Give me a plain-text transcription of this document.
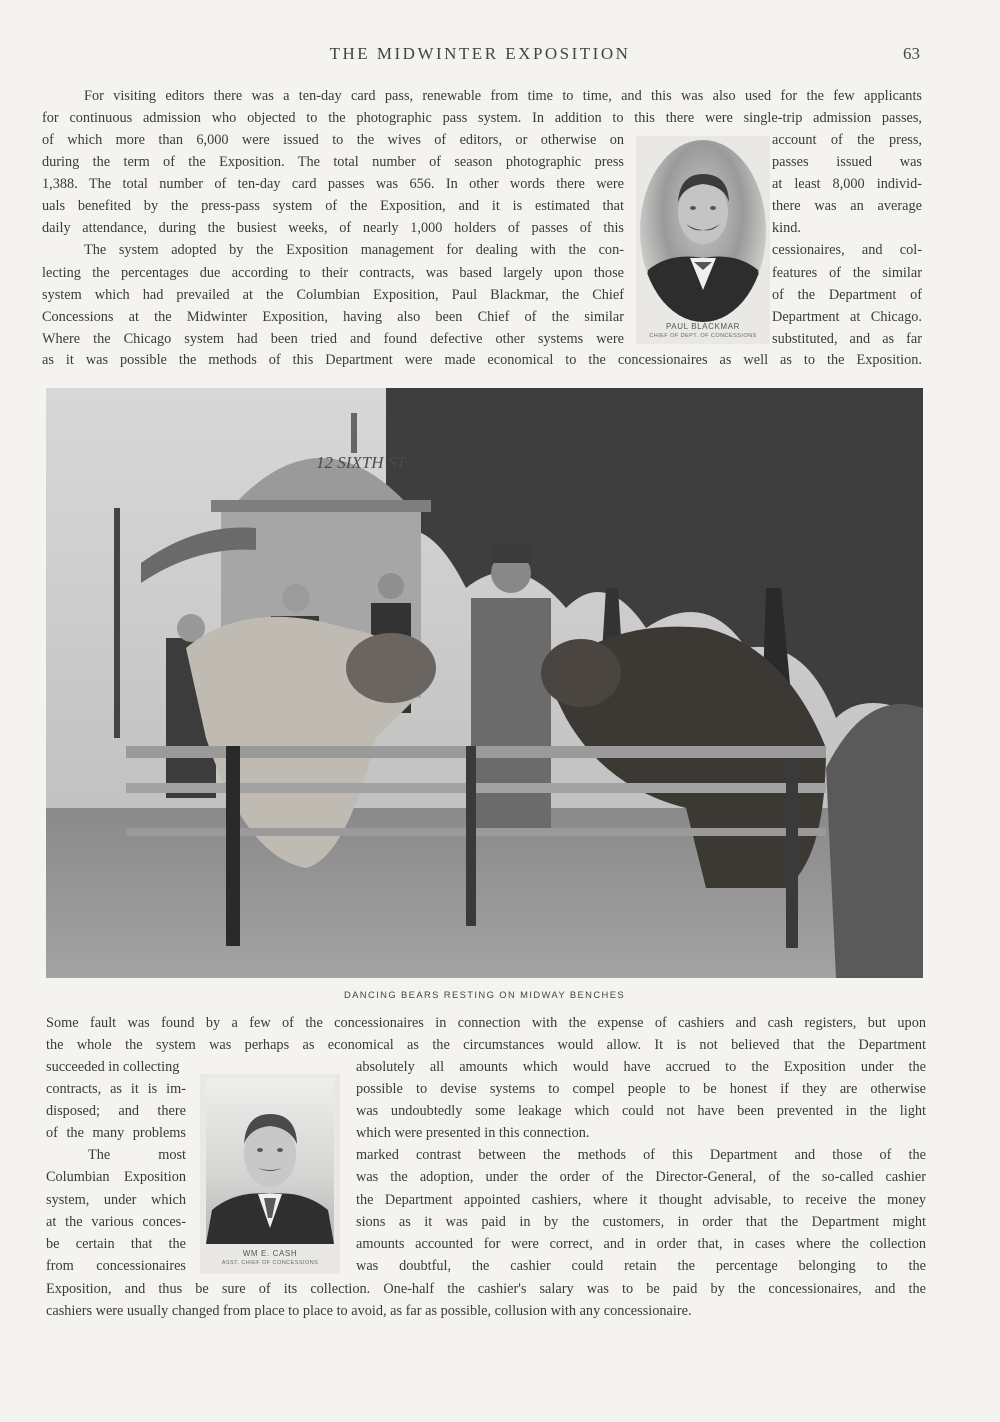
THE MIDWINTER EXPOSITION	63

For visiting editors there was a ten-day card pass, renewable from time to time, and this was also used for the few applicants

for continuous admission who objected to the photographic pass system. In addition to this there were single-trip admission passes,

of which more than 6,000 were issued to the wives of editors, or otherwise on

during the term of the Exposition. The total number of season photographic press

1,388. The total number of ten-day card passes was 656. In other words there were

uals benefited by the press-pass system of the Exposition, and it is estimated that

daily attendance, during the busiest weeks, of nearly 1,000 holders of passes of this

The system adopted by the Exposition management for dealing with the con-

lecting the percentages due according to their contracts, was based largely upon those

system which had prevailed at the Columbian Exposition, Paul Blackmar, the Chief

Concessions at the Midwinter Exposition, having also been Chief of the similar

Where the Chicago system had been tried and found defective other systems were

account of the press,

passes issued was

at least 8,000 individ-

there was an average

kind.

cessionaires, and col-

features of the similar

of the Department of

Department at Chicago.

substituted, and as far

as it was possible the methods of this Department were made economical to the concessionaires as well as to the Exposition.

PAUL BLACKMAR
CHIEF OF DEPT. OF CONCESSIONS
12 SIXTH ST
DANCING BEARS RESTING ON MIDWAY BENCHES

Some fault was found by a few of the concessionaires in connection with the expense of cashiers and cash registers, but upon

the whole the system was perhaps as economical as the circumstances would allow. It is not believed that the Department

succeeded in collecting

contracts, as it is im-

disposed; and there

of the many problems

The most

Columbian Exposition

system, under which

at the various conces-

be certain that the

from concessionaires

absolutely all amounts which would have accrued to the Exposition under the

possible to devise systems to compel people to be honest if they are otherwise

was undoubtedly some leakage which could not have been prevented in the light

which were presented in this connection.

marked contrast between the methods of this Department and those of the

was the adoption, under the order of the Director-General, of the so-called cashier

the Department appointed cashiers, where it thought advisable, to receive the money

sions as it was paid in by the customers, in order that the Department might

amounts accounted for were correct, and in order that, in cases where the collection

was doubtful, the cashier could retain the percentage belonging to the

Exposition, and thus be sure of its collection. One-half the cashier's salary was to be paid by the concessionaires, and the

cashiers were usually changed from place to place to avoid, as far as possible, collusion with any concessionaire.

WM E. CASH
ASST. CHIEF OF CONCESSIONS
